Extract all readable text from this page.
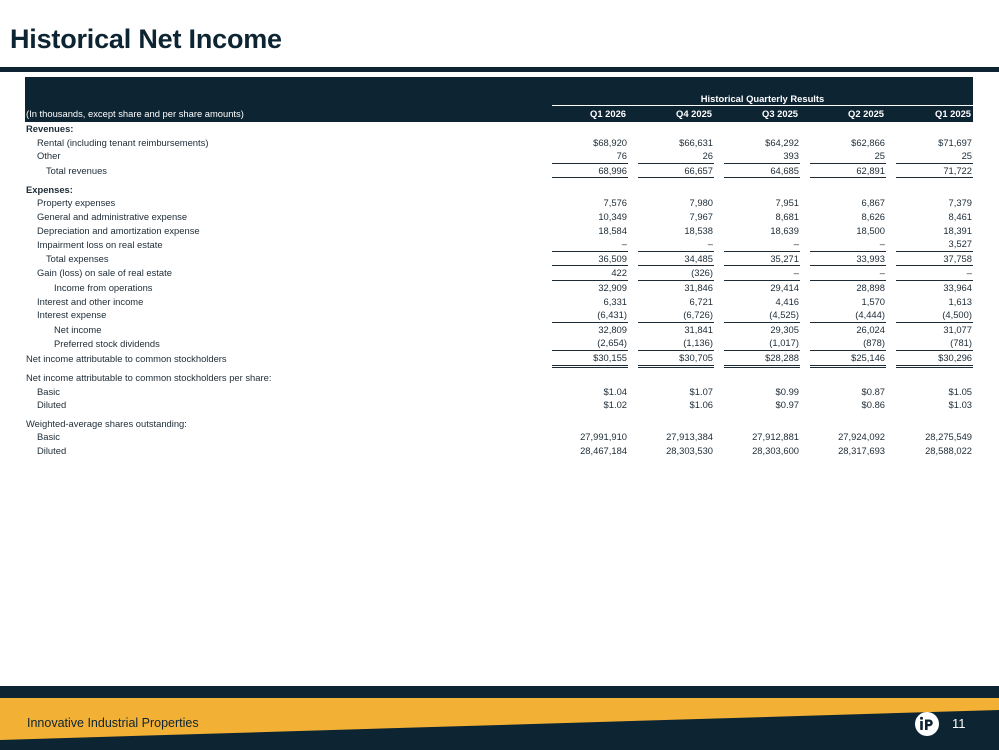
Historical Net Income
		Historical Quarterly Results								
(In thousands, except share and per share amounts)		Q1 2026		Q4 2025		Q3 2025		Q2 2025		Q1 2025
Revenues:										
Rental (including tenant reimbursements)		$68,920		$66,631		$64,292		$62,866		$71,697
Other		76		26		393		25		25
Total revenues		68,996		66,657		64,685		62,891		71,722

Expenses:										
Property expenses		7,576		7,980		7,951		6,867		7,379
General and administrative expense		10,349		7,967		8,681		8,626		8,461
Depreciation and amortization expense		18,584		18,538		18,639		18,500		18,391
Impairment loss on real estate		–		–		–		–		3,527
Total expenses		36,509		34,485		35,271		33,993		37,758
Gain (loss) on sale of real estate		422		(326)		–		–		–
Income from operations		32,909		31,846		29,414		28,898		33,964
Interest and other income		6,331		6,721		4,416		1,570		1,613
Interest expense		(6,431)		(6,726)		(4,525)		(4,444)		(4,500)
Net income		32,809		31,841		29,305		26,024		31,077
Preferred stock dividends		(2,654)		(1,136)		(1,017)		(878)		(781)
Net income attributable to common stockholders		$30,155		$30,705		$28,288		$25,146		$30,296

Net income attributable to common stockholders per share:										
Basic		$1.04		$1.07		$0.99		$0.87		$1.05
Diluted		$1.02		$1.06		$0.97		$0.86		$1.03

Weighted-average shares outstanding:										
Basic		27,991,910		27,913,384		27,912,881		27,924,092		28,275,549
Diluted		28,467,184		28,303,530		28,303,600		28,317,693		28,588,022
Innovative Industrial Properties	11
